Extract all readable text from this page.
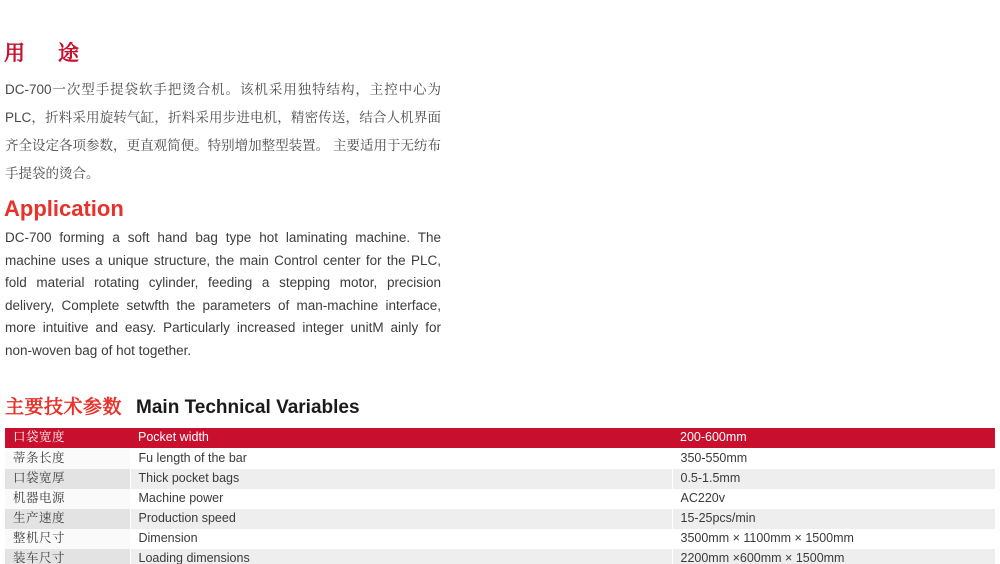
用　途
DC-700一次型手提袋软手把烫合机。该机采用独特结构，主控中心为PLC，折料采用旋转气缸，折料采用步进电机，精密传送，结合人机界面齐全设定各项参数，更直观简便。特别增加整型装置。 主要适用于无纺布手提袋的烫合。
Application
DC-700 forming a soft hand bag type hot laminating machine. The machine uses a unique structure, the main Control center for the PLC, fold material rotating cylinder, feeding a stepping motor, precision delivery, Complete setwfth the parameters of man-machine interface, more intuitive and easy. Particularly increased integer unitM ainly for non-woven bag of hot together.
主要技术参数 Main Technical Variables
口袋宽度	Pocket width	200-600mm
蒂条长度	Fu length of the bar	350-550mm
口袋宽厚	Thick pocket bags	0.5-1.5mm
机器电源	Machine power	AC220v
生产速度	Production speed	15-25pcs/min
整机尺寸	Dimension	3500mm × 1100mm × 1500mm
装车尺寸	Loading dimensions	2200mm ×600mm × 1500mm
